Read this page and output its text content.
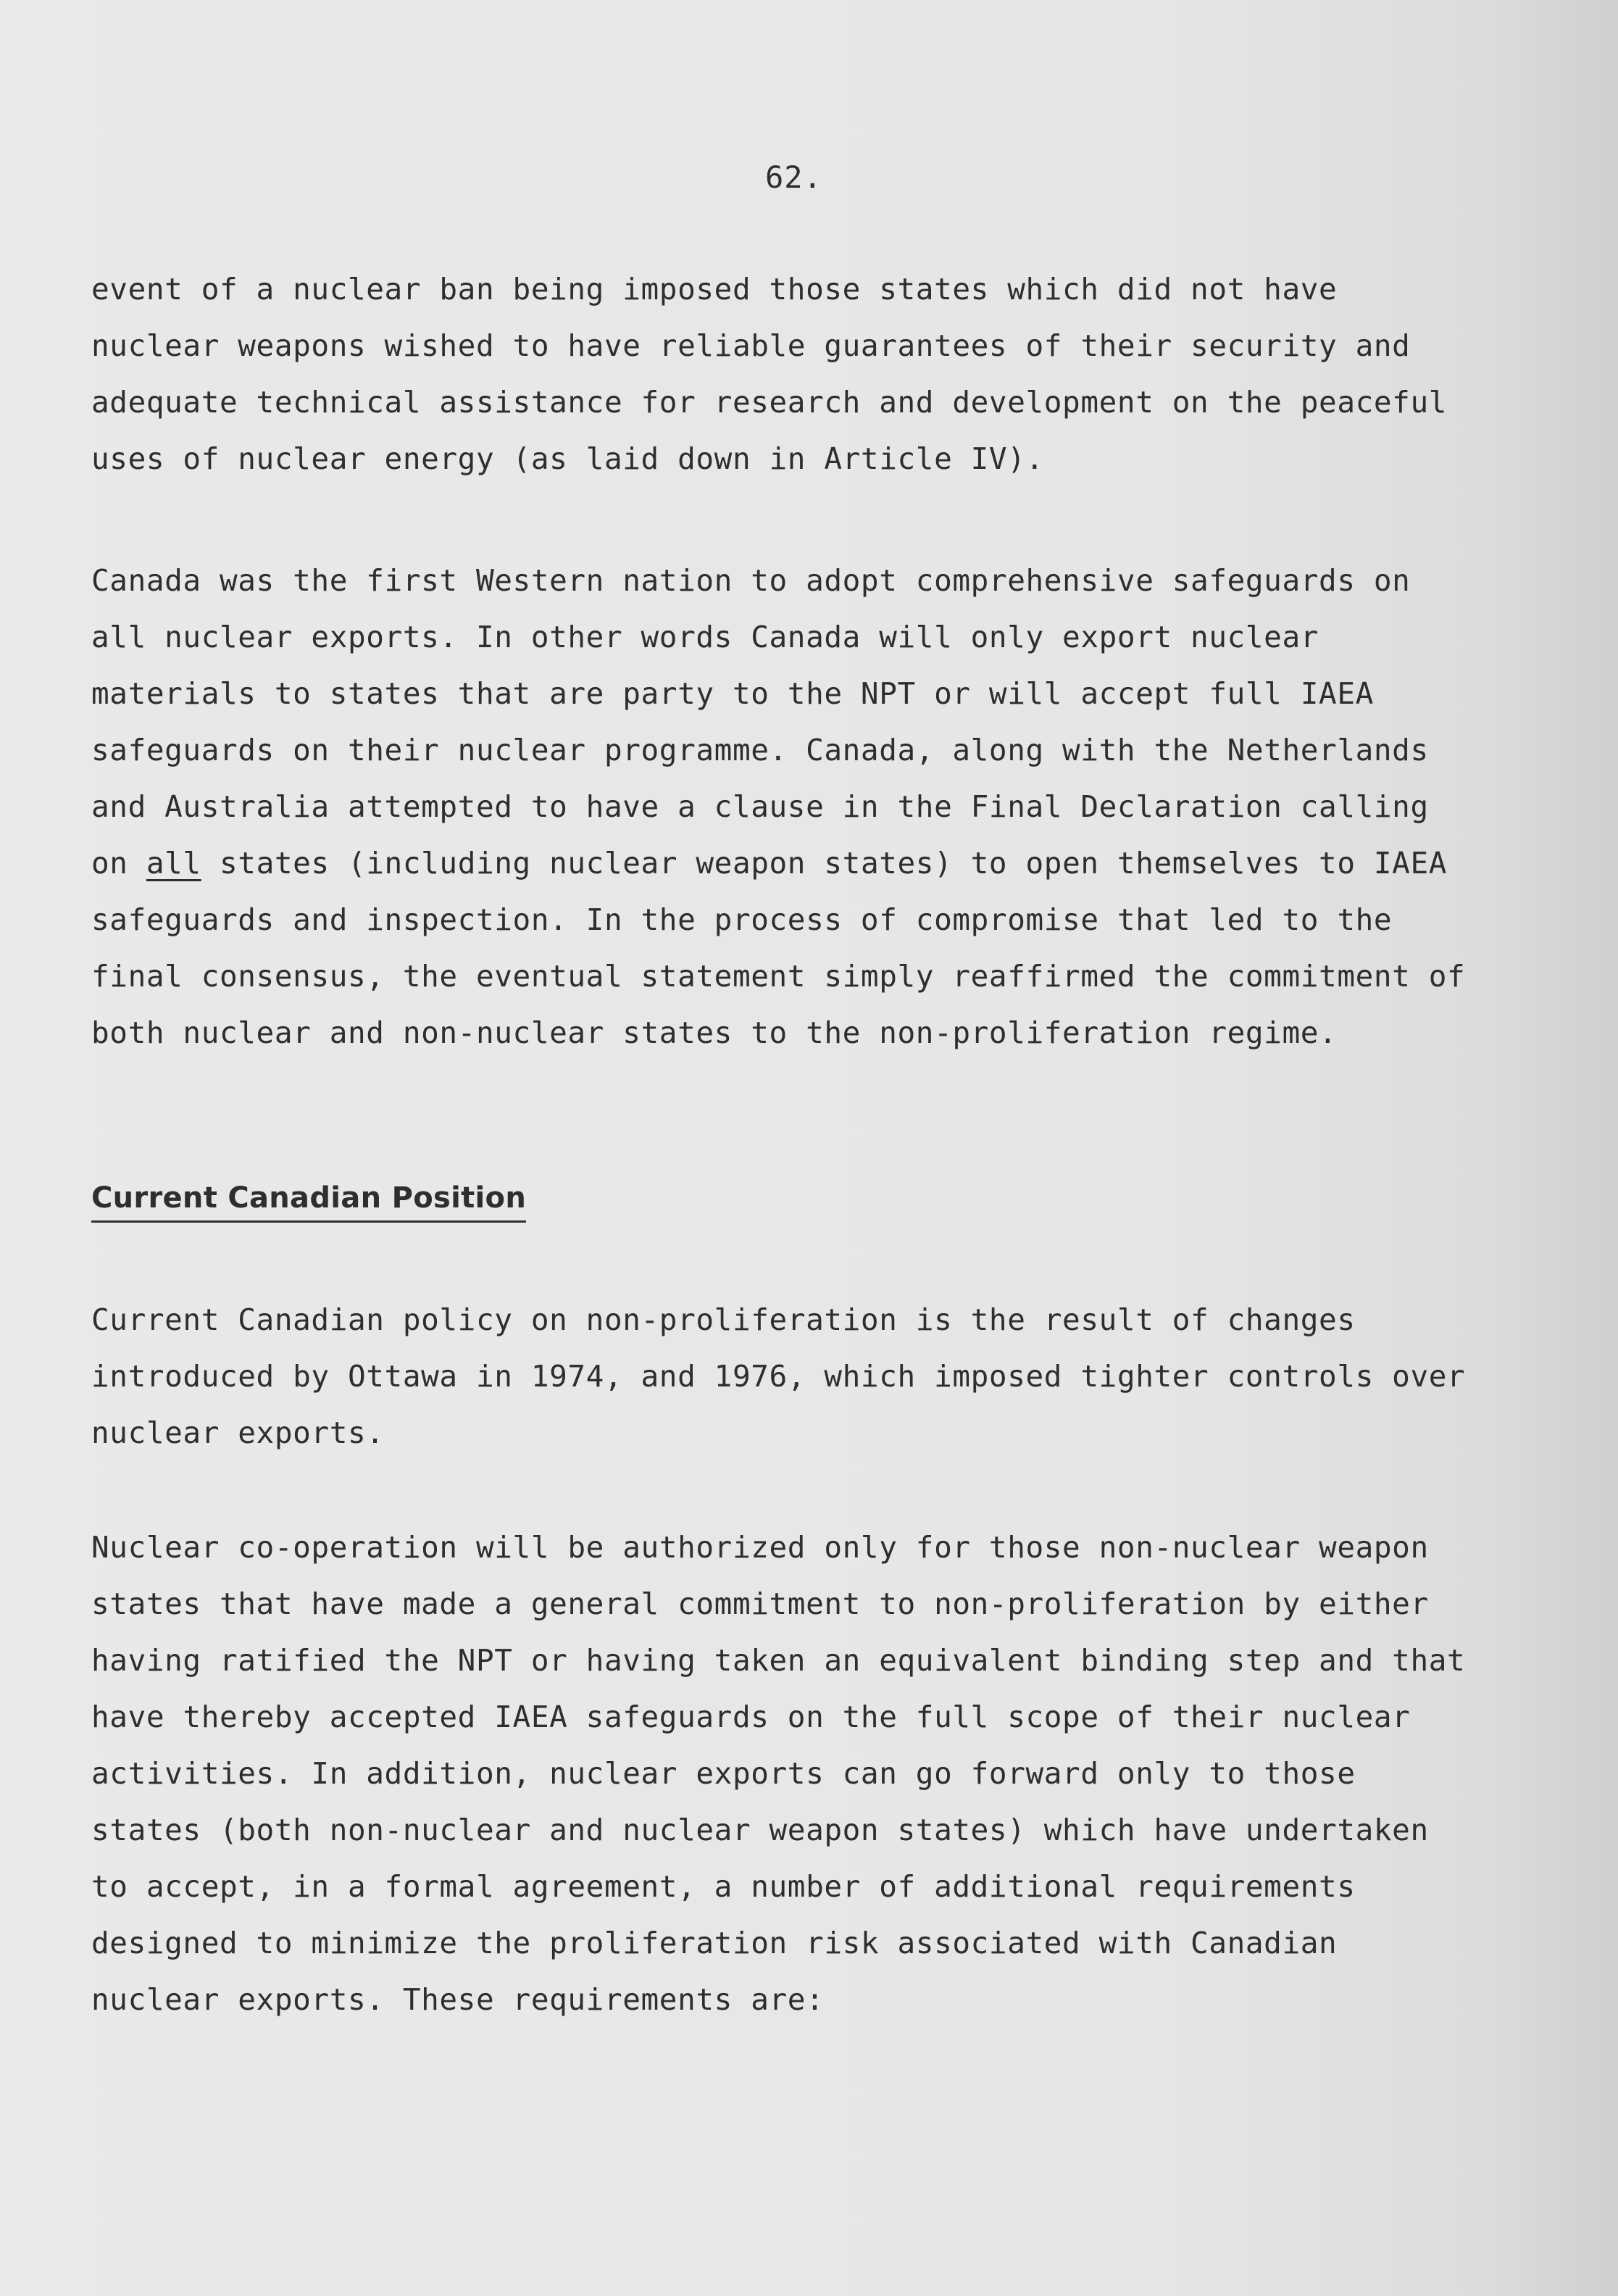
62.
event of a nuclear ban being imposed those states which did not have
nuclear weapons wished to have reliable guarantees of their security and
adequate technical assistance for research and development on the peaceful
uses of nuclear energy (as laid down in Article IV).
Canada was the first Western nation to adopt comprehensive safeguards on
all nuclear exports. In other words Canada will only export nuclear
materials to states that are party to the NPT or will accept full IAEA
safeguards on their nuclear programme. Canada, along with the Netherlands
and Australia attempted to have a clause in the Final Declaration calling
on all states (including nuclear weapon states) to open themselves to IAEA
safeguards and inspection. In the process of compromise that led to the
final consensus, the eventual statement simply reaffirmed the commitment of
both nuclear and non-nuclear states to the non-proliferation regime.
Current Canadian Position
Current Canadian policy on non-proliferation is the result of changes
introduced by Ottawa in 1974, and 1976, which imposed tighter controls over
nuclear exports.
Nuclear co-operation will be authorized only for those non-nuclear weapon
states that have made a general commitment to non-proliferation by either
having ratified the NPT or having taken an equivalent binding step and that
have thereby accepted IAEA safeguards on the full scope of their nuclear
activities. In addition, nuclear exports can go forward only to those
states (both non-nuclear and nuclear weapon states) which have undertaken
to accept, in a formal agreement, a number of additional requirements
designed to minimize the proliferation risk associated with Canadian
nuclear exports. These requirements are:
